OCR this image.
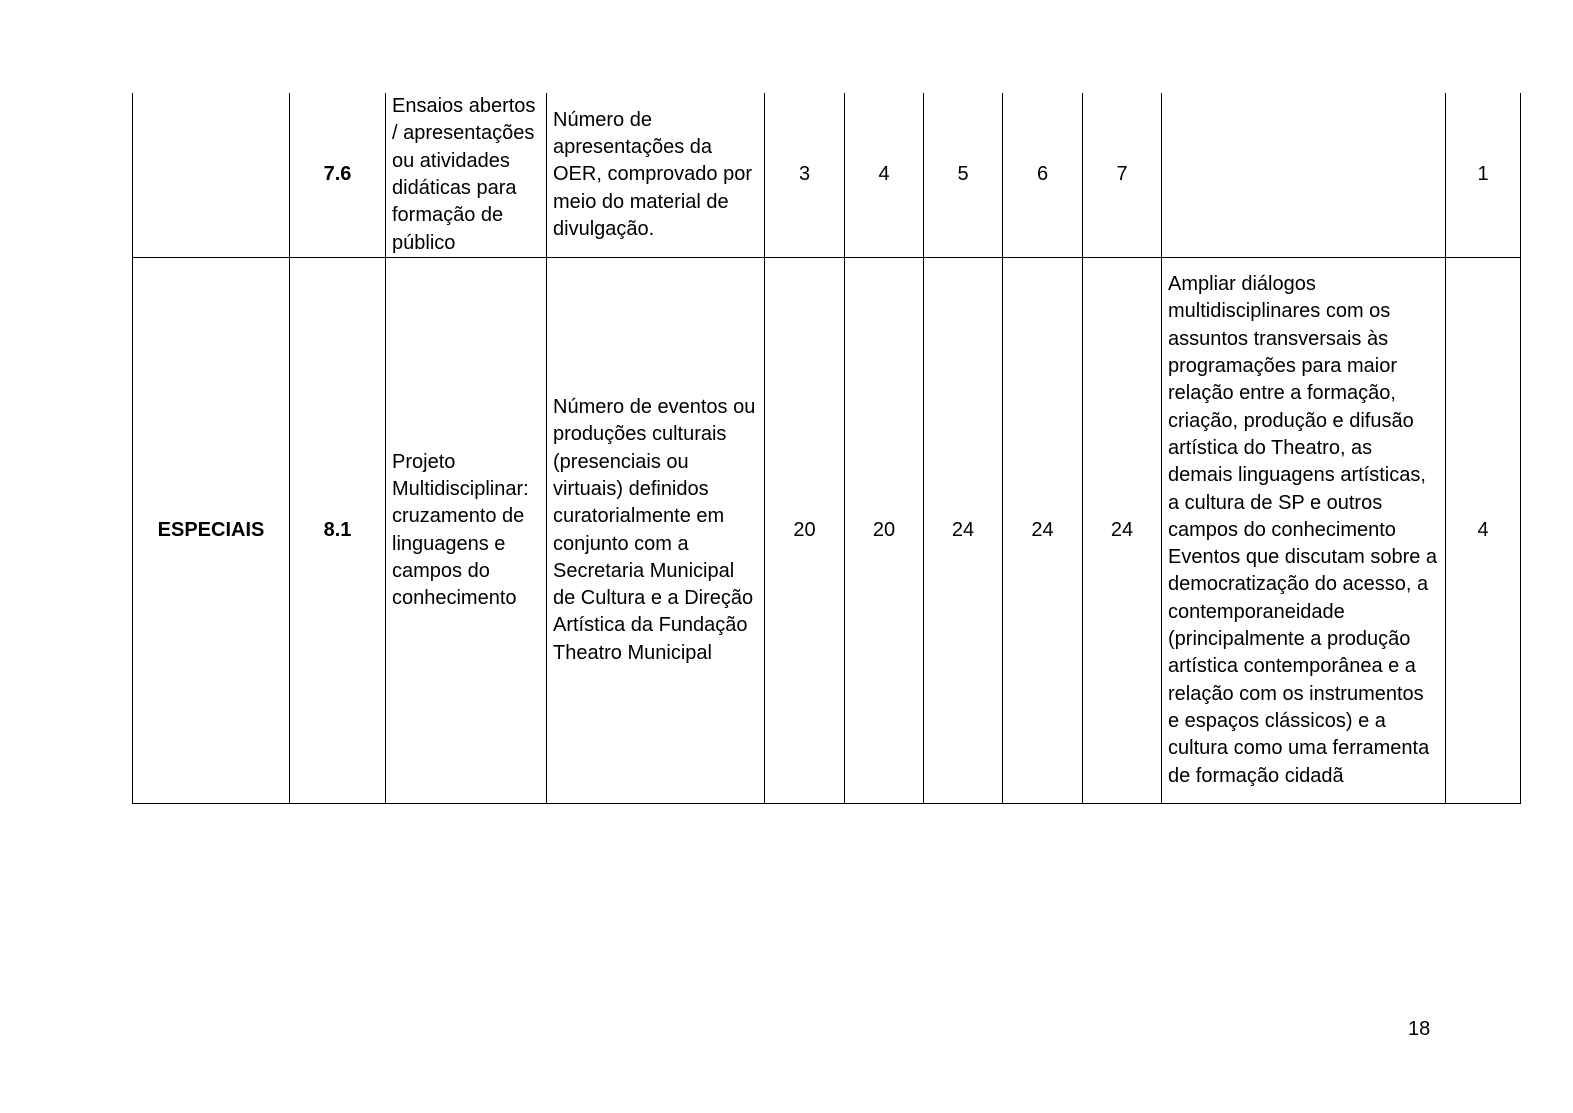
	7.6	Ensaios abertos / apresentações ou atividades didáticas para formação de público	Número de apresentações da OER, comprovado por meio do material de divulgação.	3	4	5	6	7		1
ESPECIAIS	8.1	Projeto Multidisciplinar: cruzamento de linguagens e campos do conhecimento	Número de eventos ou produções culturais (presenciais ou virtuais) definidos curatorialmente em conjunto com a Secretaria Municipal de Cultura e a Direção Artística da Fundação Theatro Municipal	20	20	24	24	24	Ampliar diálogos multidisciplinares com os assuntos transversais às programações para maior relação entre a formação, criação, produção e difusão artística do Theatro, as demais linguagens artísticas, a cultura de SP e outros campos do conhecimento Eventos que discutam sobre a democratização do acesso, a contemporaneidade (principalmente a produção artística contemporânea e a relação com os instrumentos e espaços clássicos) e a cultura como uma ferramenta de formação cidadã	4
18
